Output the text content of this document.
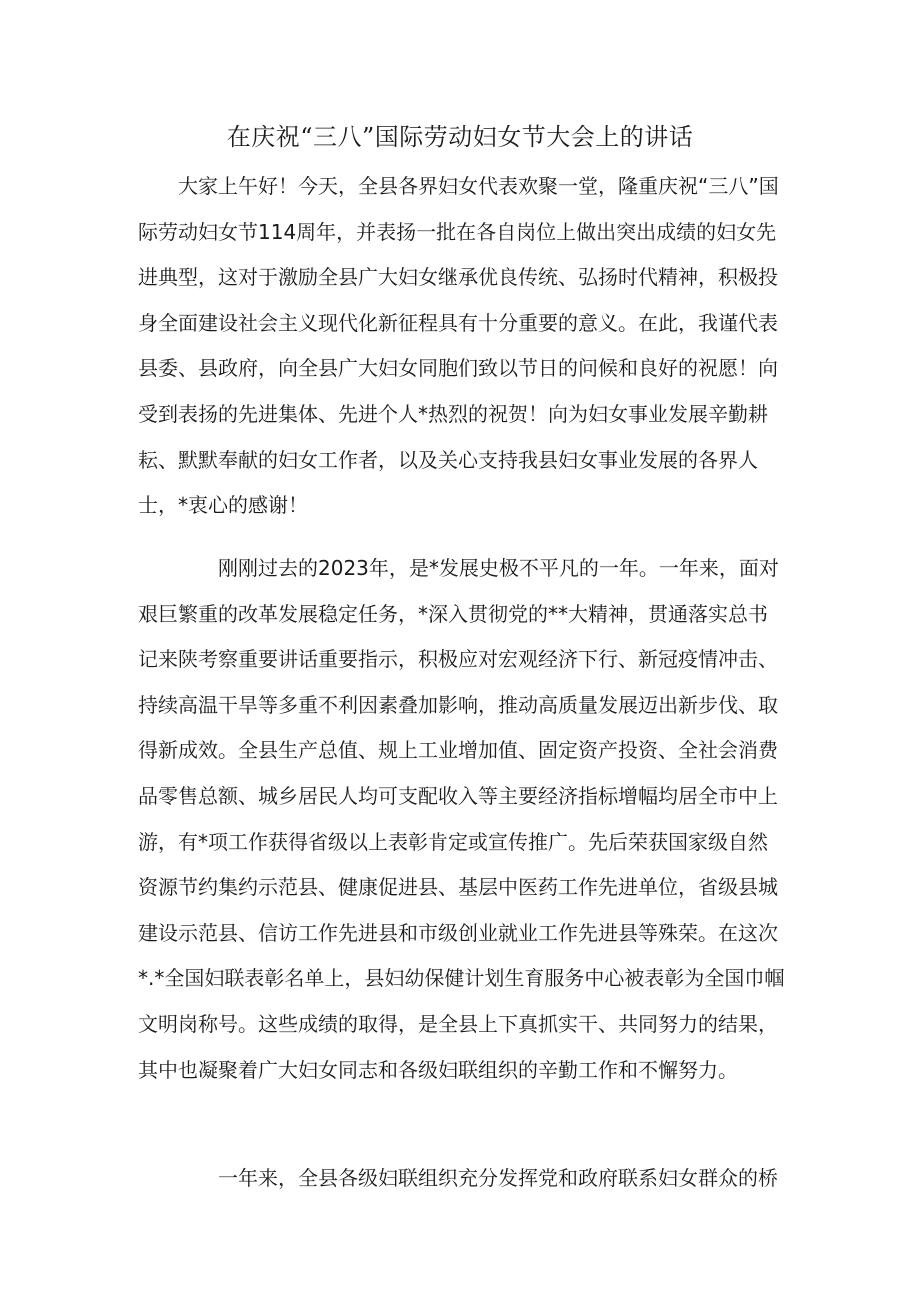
在庆祝“三八”国际劳动妇女节大会上的讲话

大家上午好！今天，全县各界妇女代表欢聚一堂，隆重庆祝“三八”国际劳动妇女节114周年，并表扬一批在各自岗位上做出突出成绩的妇女先进典型，这对于激励全县广大妇女继承优良传统、弘扬时代精神，积极投身全面建设社会主义现代化新征程具有十分重要的意义。在此，我谨代表县委、县政府，向全县广大妇女同胞们致以节日的问候和良好的祝愿！向受到表扬的先进集体、先进个人*热烈的祝贺！向为妇女事业发展辛勤耕耘、默默奉献的妇女工作者，以及关心支持我县妇女事业发展的各界人士，*衷心的感谢！

刚刚过去的2023年，是*发展史极不平凡的一年。一年来，面对艰巨繁重的改革发展稳定任务，*深入贯彻党的**大精神，贯通落实总书记来陕考察重要讲话重要指示，积极应对宏观经济下行、新冠疫情冲击、持续高温干旱等多重不利因素叠加影响，推动高质量发展迈出新步伐、取得新成效。全县生产总值、规上工业增加值、固定资产投资、全社会消费品零售总额、城乡居民人均可支配收入等主要经济指标增幅均居全市中上游，有*项工作获得省级以上表彰肯定或宣传推广。先后荣获国家级自然资源节约集约示范县、健康促进县、基层中医药工作先进单位，省级县城建设示范县、信访工作先进县和市级创业就业工作先进县等殊荣。在这次*.*全国妇联表彰名单上，县妇幼保健计划生育服务中心被表彰为全国巾帼文明岗称号。这些成绩的取得，是全县上下真抓实干、共同努力的结果，其中也凝聚着广大妇女同志和各级妇联组织的辛勤工作和不懈努力。

一年来，全县各级妇联组织充分发挥党和政府联系妇女群众的桥
